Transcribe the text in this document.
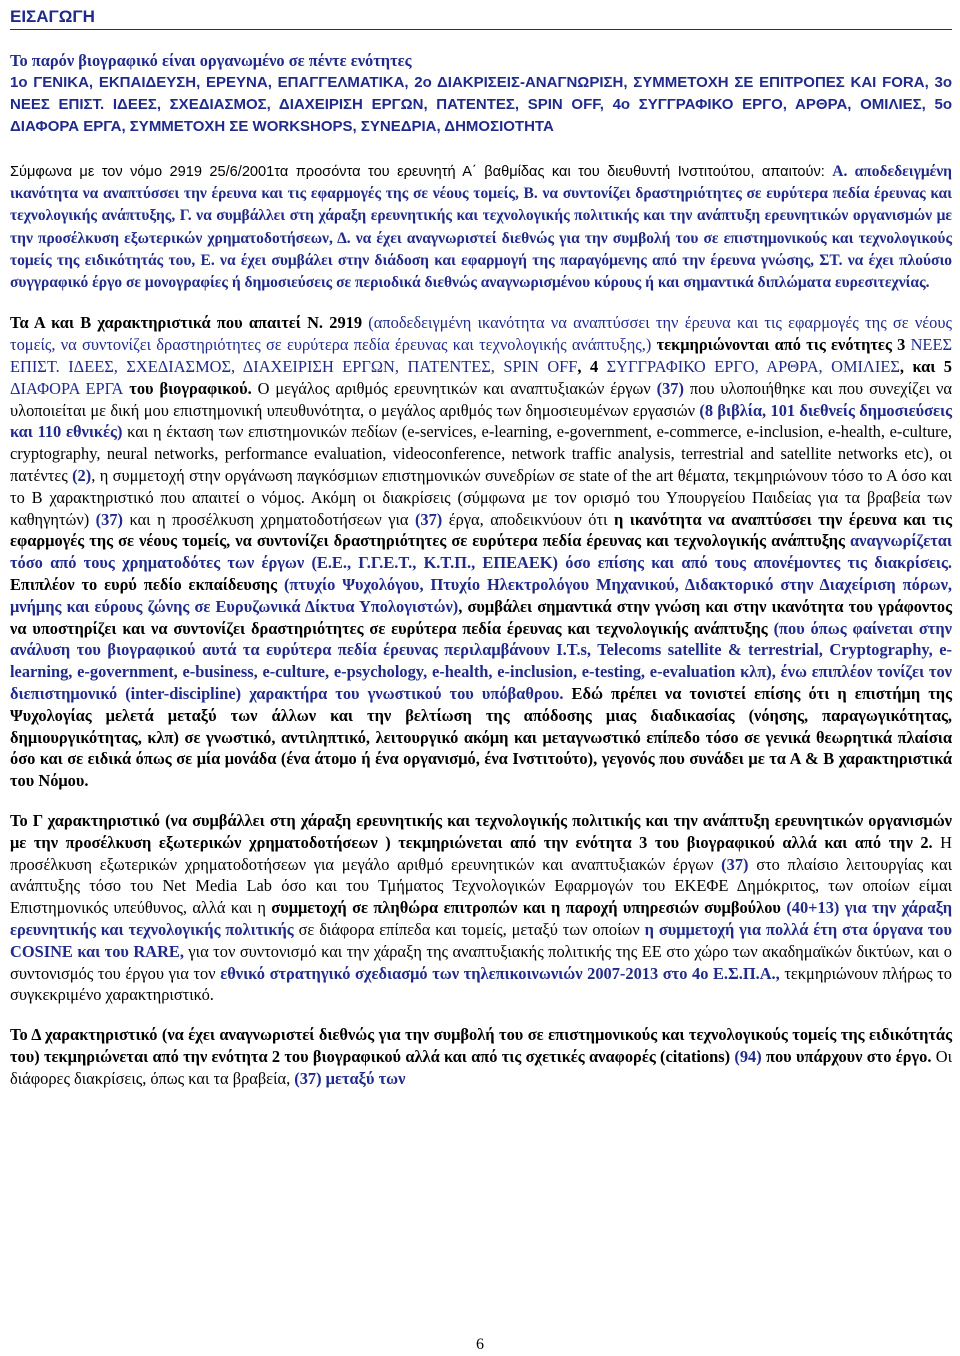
ΕΙΣΑΓΩΓΗ

Το παρόν βιογραφικό είναι οργανωμένο σε πέντε ενότητες

1ο ΓΕΝΙΚΑ, ΕΚΠΑΙΔΕΥΣΗ, ΕΡΕΥΝΑ, ΕΠΑΓΓΕΛΜΑΤΙΚΑ, 2ο ΔΙΑΚΡΙΣΕΙΣ-ΑΝΑΓΝΩΡΙΣΗ, ΣΥΜΜΕΤΟΧΗ ΣΕ ΕΠΙΤΡΟΠΕΣ ΚΑΙ FORA, 3ο ΝΕΕΣ ΕΠΙΣΤ. ΙΔΕΕΣ, ΣΧΕΔΙΑΣΜΟΣ, ΔΙΑΧΕΙΡΙΣΗ ΕΡΓΩΝ, ΠΑΤΕΝΤΕΣ, SPIN OFF, 4ο ΣΥΓΓΡΑΦΙΚΟ ΕΡΓΟ, ΑΡΘΡΑ, ΟΜΙΛΙΕΣ, 5ο ΔΙΑΦΟΡΑ ΕΡΓΑ, ΣΥΜΜΕΤΟΧΗ ΣΕ WORKSHOPS, ΣΥΝΕΔΡΙΑ, ΔΗΜΟΣΙΟΤΗΤΑ

Σύμφωνα με τον νόμο 2919 25/6/2001τα προσόντα του ερευνητή Α΄ βαθμίδας και του διευθυντή Ινστιτούτου, απαιτούν: Α. αποδεδειγμένη ικανότητα να αναπτύσσει την έρευνα και τις εφαρμογές της σε νέους τομείς, Β. να συντονίζει δραστηριότητες σε ευρύτερα πεδία έρευνας και τεχνολογικής ανάπτυξης, Γ. να συμβάλλει στη χάραξη ερευνητικής και τεχνολογικής πολιτικής και την ανάπτυξη ερευνητικών οργανισμών με την προσέλκυση εξωτερικών χρηματοδοτήσεων, Δ. να έχει αναγνωριστεί διεθνώς για την συμβολή του σε επιστημονικούς και τεχνολογικούς τομείς της ειδικότητάς του, Ε. να έχει συμβάλει στην διάδοση και εφαρμογή της παραγόμενης από την έρευνα γνώσης, ΣΤ. να έχει πλούσιο συγγραφικό έργο σε μονογραφίες ή δημοσιεύσεις σε περιοδικά διεθνώς αναγνωρισμένου κύρους ή και σημαντικά διπλώματα ευρεσιτεχνίας.

Τα Α και Β χαρακτηριστικά που απαιτεί Ν. 2919 (αποδεδειγμένη ικανότητα να αναπτύσσει την έρευνα και τις εφαρμογές της σε νέους τομείς, να συντονίζει δραστηριότητες σε ευρύτερα πεδία έρευνας και τεχνολογικής ανάπτυξης,) τεκμηριώνονται από τις ενότητες 3 ΝΕΕΣ ΕΠΙΣΤ. ΙΔΕΕΣ, ΣΧΕΔΙΑΣΜΟΣ, ΔΙΑΧΕΙΡΙΣΗ ΕΡΓΩΝ, ΠΑΤΕΝΤΕΣ, SPIN OFF, 4 ΣΥΓΓΡΑΦΙΚΟ ΕΡΓΟ, ΑΡΘΡΑ, ΟΜΙΛΙΕΣ, και 5 ΔΙΑΦΟΡΑ ΕΡΓΑ του βιογραφικού. Ο μεγάλος αριθμός ερευνητικών και αναπτυξιακών έργων (37) που υλοποιήθηκε και που συνεχίζει να υλοποιείται με δική μου επιστημονική υπευθυνότητα, ο μεγάλος αριθμός των δημοσιευμένων εργασιών (8 βιβλία, 101 διεθνείς δημοσιεύσεις και 110 εθνικές) και η έκταση των επιστημονικών πεδίων (e-services, e-learning, e-government, e-commerce, e-inclusion, e-health, e-culture, cryptography, neural networks, performance evaluation, videoconference, network traffic analysis, terrestrial and satellite networks etc), οι πατέντες (2), η συμμετοχή στην οργάνωση παγκόσμιων επιστημονικών συνεδρίων σε state of the art θέματα, τεκμηριώνουν τόσο το Α όσο και το Β χαρακτηριστικό που απαιτεί ο νόμος. Ακόμη οι διακρίσεις (σύμφωνα με τον ορισμό του Υπουργείου Παιδείας για τα βραβεία των καθηγητών) (37) και η προσέλκυση χρηματοδοτήσεων για (37) έργα, αποδεικνύουν ότι η ικανότητα να αναπτύσσει την έρευνα και τις εφαρμογές της σε νέους τομείς, να συντονίζει δραστηριότητες σε ευρύτερα πεδία έρευνας και τεχνολογικής ανάπτυξης αναγνωρίζεται τόσο από τους χρηματοδότες των έργων (Ε.Ε., Γ.Γ.Ε.Τ., Κ.Τ.Π., ΕΠΕΑΕΚ) όσο επίσης και από τους απονέμοντες τις διακρίσεις. Επιπλέον το ευρύ πεδίο εκπαίδευσης (πτυχίο Ψυχολόγου, Πτυχίο Ηλεκτρολόγου Μηχανικού, Διδακτορικό στην Διαχείριση πόρων, μνήμης και εύρους ζώνης σε Ευρυζωνικά Δίκτυα Υπολογιστών), συμβάλει σημαντικά στην γνώση και στην ικανότητα του γράφοντος να υποστηρίζει και να συντονίζει δραστηριότητες σε ευρύτερα πεδία έρευνας και τεχνολογικής ανάπτυξης (που όπως φαίνεται στην ανάλυση του βιογραφικού αυτά τα ευρύτερα πεδία έρευνας περιλαμβάνουν I.T.s, Telecoms satellite & terrestrial, Cryptography, e-learning, e-government, e-business, e-culture, e-psychology, e-health, e-inclusion, e-testing, e-evaluation κλπ), ένω επιπλέον τονίζει τον διεπιστημονικό (inter-discipline) χαρακτήρα του γνωστικού του υπόβαθρου. Εδώ πρέπει να τονιστεί επίσης ότι η επιστήμη της Ψυχολογίας μελετά μεταξύ των άλλων και την βελτίωση της απόδοσης μιας διαδικασίας (νόησης, παραγωγικότητας, δημιουργικότητας, κλπ) σε γνωστικό, αντιληπτικό, λειτουργικό ακόμη και μεταγνωστικό επίπεδο τόσο σε γενικά θεωρητικά πλαίσια όσο και σε ειδικά όπως σε μία μονάδα (ένα άτομο ή ένα οργανισμό, ένα Ινστιτούτο), γεγονός που συνάδει με τα Α & Β χαρακτηριστικά του Νόμου.

Το Γ χαρακτηριστικό (να συμβάλλει στη χάραξη ερευνητικής και τεχνολογικής πολιτικής και την ανάπτυξη ερευνητικών οργανισμών με την προσέλκυση εξωτερικών χρηματοδοτήσεων ) τεκμηριώνεται από την ενότητα 3 του βιογραφικού αλλά και από την 2. Η προσέλκυση εξωτερικών χρηματοδοτήσεων για μεγάλο αριθμό ερευνητικών και αναπτυξιακών έργων (37) στο πλαίσιο λειτουργίας και ανάπτυξης τόσο του Net Media Lab όσο και του Τμήματος Τεχνολογικών Εφαρμογών του ΕΚΕΦΕ Δημόκριτος, των οποίων είμαι Επιστημονικός υπεύθυνος, αλλά και η συμμετοχή σε πληθώρα επιτροπών και η παροχή υπηρεσιών συμβούλου (40+13) για την χάραξη ερευνητικής και τεχνολογικής πολιτικής σε διάφορα επίπεδα και τομείς, μεταξύ των οποίων η συμμετοχή για πολλά έτη στα όργανα του COSINE και του RARE, για τον συντονισμό και την χάραξη της αναπτυξιακής πολιτικής της ΕΕ στο χώρο των ακαδημαϊκών δικτύων, και ο συντονισμός του έργου για τον εθνικό στρατηγικό σχεδιασμό των τηλεπικοινωνιών 2007-2013 στο 4ο Ε.Σ.Π.Α., τεκμηριώνουν πλήρως το συγκεκριμένο χαρακτηριστικό.

Το Δ χαρακτηριστικό (να έχει αναγνωριστεί διεθνώς για την συμβολή του σε επιστημονικούς και τεχνολογικούς τομείς της ειδικότητάς του) τεκμηριώνεται από την ενότητα 2 του βιογραφικού αλλά και από τις σχετικές αναφορές (citations) (94) που υπάρχουν στο έργο. Οι διάφορες διακρίσεις, όπως και τα βραβεία, (37) μεταξύ των

6
